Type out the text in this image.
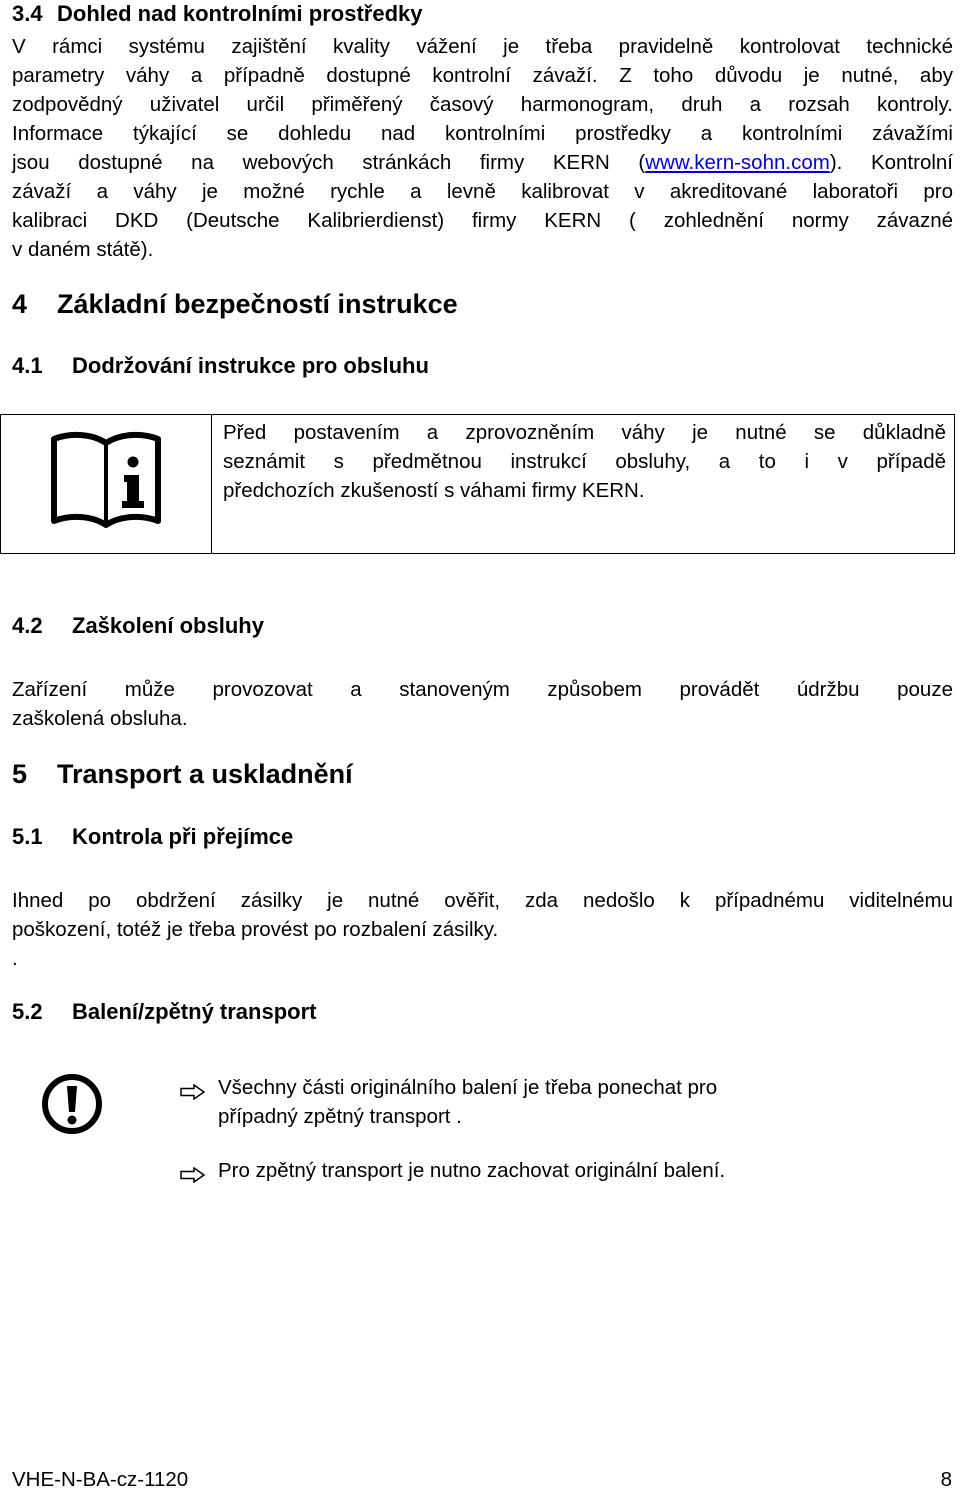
3.4 Dohled nad kontrolními prostředky
V rámci systému zajištění kvality vážení je třeba pravidelně kontrolovat technické
parametry váhy a případně dostupné kontrolní závaží. Z toho důvodu je nutné, aby
zodpovědný uživatel určil přiměřený časový harmonogram, druh a rozsah kontroly.
Informace týkající se dohledu nad kontrolními prostředky a kontrolními závažími
jsou dostupné na webových stránkách firmy KERN (www.kern-sohn.com). Kontrolní
závaží a váhy je možné rychle a levně kalibrovat v akreditované laboratoři pro
kalibraci DKD (Deutsche Kalibrierdienst) firmy KERN ( zohlednění normy závazné
v daném státě).
4 Základní bezpečností instrukce
4.1 Dodržování instrukce pro obsluhu
Před postavením a zprovozněním váhy je nutné se důkladně
seznámit s předmětnou instrukcí obsluhy, a to i v případě
předchozích zkušeností s váhami firmy KERN.
4.2 Zaškolení obsluhy
Zařízení může provozovat a stanoveným způsobem provádět údržbu pouze
zaškolená obsluha.
5 Transport a uskladnění
5.1 Kontrola při přejímce
Ihned po obdržení zásilky je nutné ověřit, zda nedošlo k případnému viditelnému
poškození, totéž je třeba provést po rozbalení zásilky.
.
5.2 Balení/zpětný transport
Všechny části originálního balení je třeba ponechat pro
případný zpětný transport .
Pro zpětný transport je nutno zachovat originální balení.
VHE-N-BA-cz-1120	8
